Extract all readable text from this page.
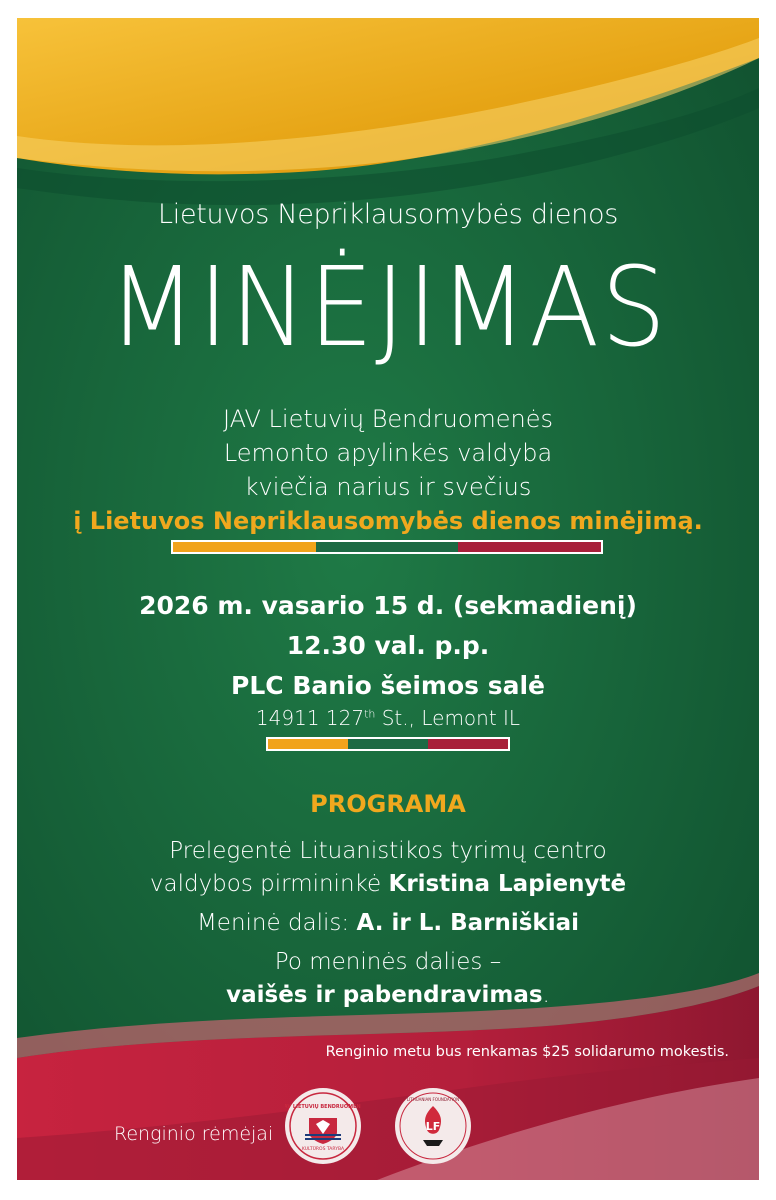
Lietuvos Nepriklausomybės dienos
MINĖJIMAS
JAV Lietuvių Bendruomenės
Lemonto apylinkės valdyba
kviečia narius ir svečius
į Lietuvos Nepriklausomybės dienos minėjimą.
2026 m. vasario 15 d. (sekmadienį)
12.30 val. p.p.
PLC Banio šeimos salė
14911 127th St., Lemont IL
PROGRAMA
Prelegentė Lituanistikos tyrimų centro
valdybos pirmininkė Kristina Lapienytė
Meninė dalis: A. ir L. Barniškiai
Po meninės dalies –
vaišės ir pabendravimas.
Renginio metu bus renkamas $25 solidarumo mokestis.
Renginio rėmėjai
JAV LIETUVIŲ BENDRUOMENĖ
KULTŪROS TARYBA
LF
LITHUANIAN FOUNDATION
